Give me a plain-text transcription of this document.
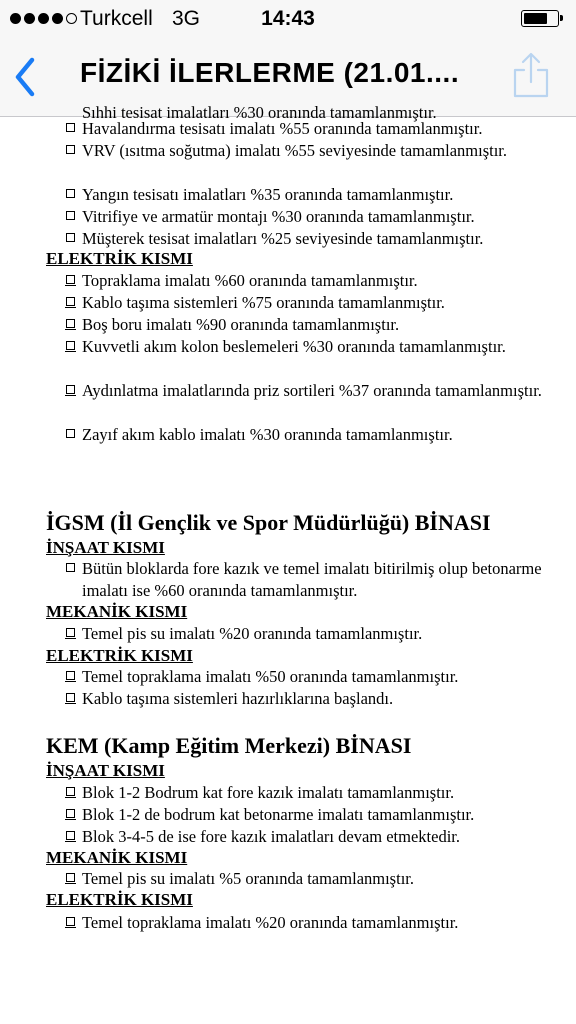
Turkcell 3G	14:43
FİZİKİ İLERLERME (21.01....
Sıhhi tesisat imalatları %30 oranında tamamlanmıştır.
Havalandırma tesisatı imalatı %55 oranında tamamlanmıştır.
VRV (ısıtma soğutma) imalatı %55 seviyesinde tamamlanmıştır.
Yangın tesisatı imalatları %35 oranında tamamlanmıştır.
Vitrifiye ve armatür montajı %30 oranında tamamlanmıştır.
Müşterek tesisat imalatları %25 seviyesinde tamamlanmıştır.
ELEKTRİK KISMI
Topraklama imalatı %60 oranında tamamlanmıştır.
Kablo taşıma sistemleri %75 oranında tamamlanmıştır.
Boş boru imalatı %90 oranında tamamlanmıştır.
Kuvvetli akım kolon beslemeleri %30 oranında tamamlanmıştır.
Aydınlatma imalatlarında priz sortileri %37 oranında tamamlanmıştır.
Zayıf akım kablo imalatı %30 oranında tamamlanmıştır.
İGSM (İl Gençlik ve Spor Müdürlüğü) BİNASI
İNŞAAT KISMI
Bütün bloklarda fore kazık ve temel imalatı bitirilmiş olup betonarme imalatı ise %60 oranında tamamlanmıştır.
MEKANİK KISMI
Temel pis su imalatı %20 oranında tamamlanmıştır.
ELEKTRİK KISMI
Temel topraklama imalatı %50 oranında tamamlanmıştır.
Kablo taşıma sistemleri hazırlıklarına başlandı.
KEM (Kamp Eğitim Merkezi) BİNASI
İNŞAAT KISMI
Blok 1-2 Bodrum kat fore kazık imalatı tamamlanmıştır.
Blok 1-2 de bodrum kat betonarme imalatı tamamlanmıştır.
Blok 3-4-5 de ise fore kazık imalatları devam etmektedir.
MEKANİK KISMI
Temel pis su imalatı %5 oranında tamamlanmıştır.
ELEKTRİK KISMI
Temel topraklama imalatı %20 oranında tamamlanmıştır.
